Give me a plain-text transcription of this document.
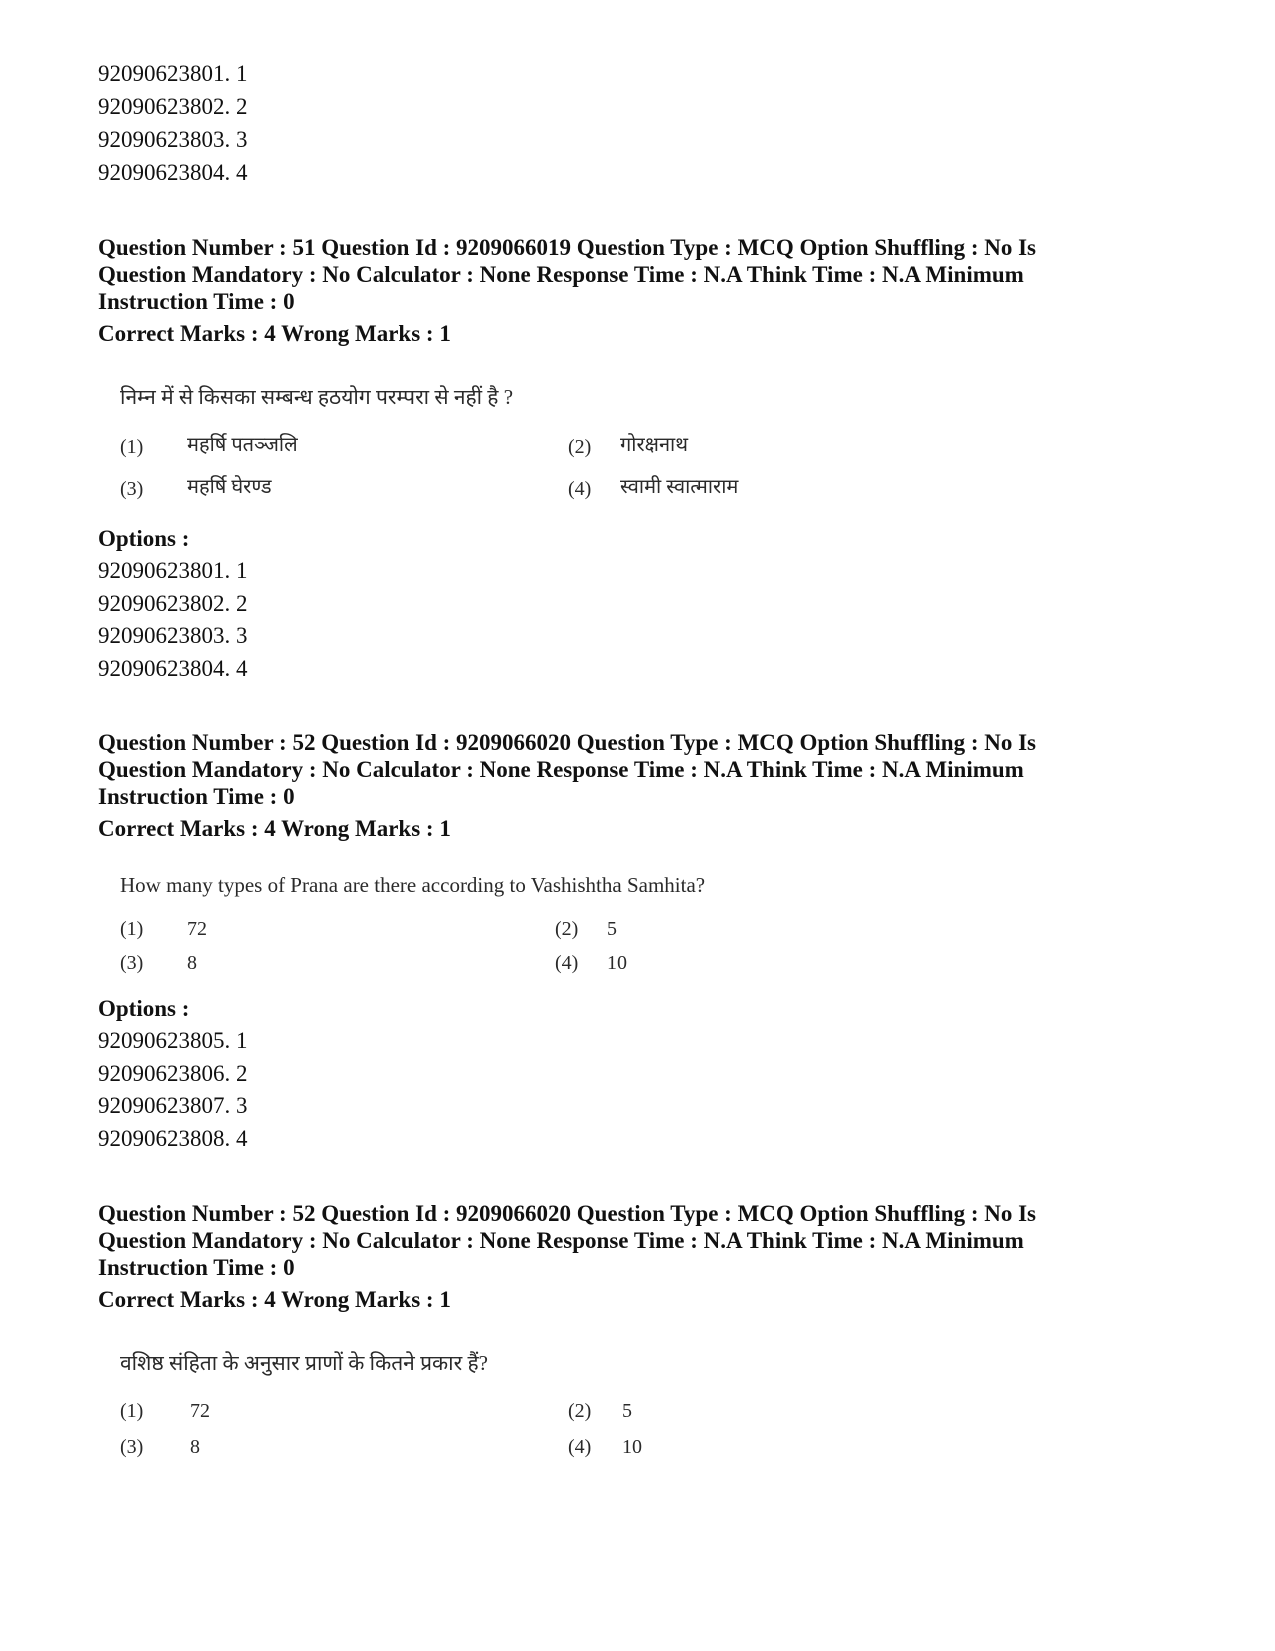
92090623801. 1
92090623802. 2
92090623803. 3
92090623804. 4
Question Number : 51 Question Id : 9209066019 Question Type : MCQ Option Shuffling : No Is
Question Mandatory : No Calculator : None Response Time : N.A Think Time : N.A Minimum
Instruction Time : 0
Correct Marks : 4 Wrong Marks : 1
निम्न में से किसका सम्बन्ध हठयोग परम्परा से नहीं है ?
(1) महर्षि पतञ्जलि	(2) गोरक्षनाथ
(3) महर्षि घेरण्ड	(4) स्वामी स्वात्माराम
Options :
92090623801. 1
92090623802. 2
92090623803. 3
92090623804. 4
Question Number : 52 Question Id : 9209066020 Question Type : MCQ Option Shuffling : No Is
Question Mandatory : No Calculator : None Response Time : N.A Think Time : N.A Minimum
Instruction Time : 0
Correct Marks : 4 Wrong Marks : 1
How many types of Prana are there according to Vashishtha Samhita?
(1) 72	(2) 5
(3) 8	(4) 10
Options :
92090623805. 1
92090623806. 2
92090623807. 3
92090623808. 4
Question Number : 52 Question Id : 9209066020 Question Type : MCQ Option Shuffling : No Is
Question Mandatory : No Calculator : None Response Time : N.A Think Time : N.A Minimum
Instruction Time : 0
Correct Marks : 4 Wrong Marks : 1
वशिष्ठ संहिता के अनुसार प्राणों के कितने प्रकार हैं?
(1) 72	(2) 5
(3) 8	(4) 10
